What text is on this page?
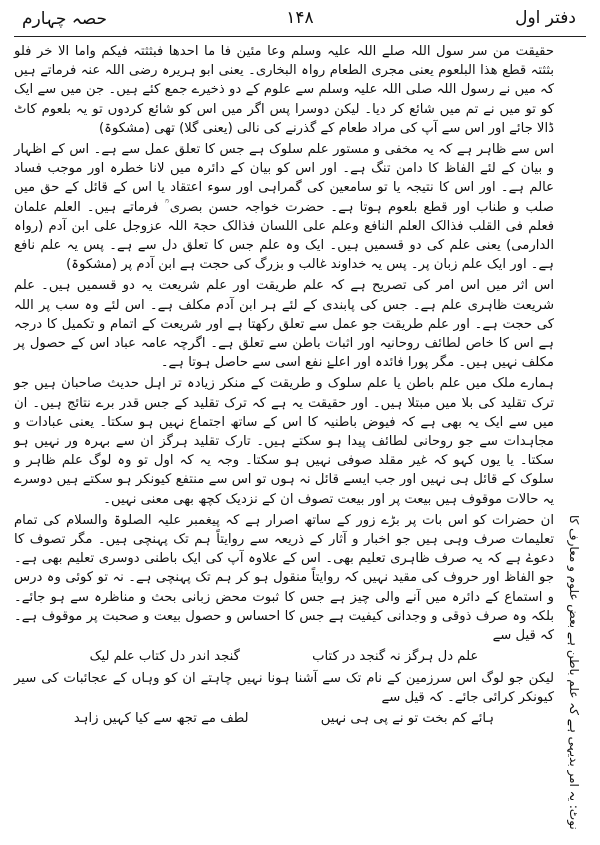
حصہ چہارم	۱۴۸	دفتر اول

حقیقت من سر سول اللہ صلے اللہ علیہ وسلم وعا مئین فا ما احدھا فبثثتہ فیکم واما الا خر فلو بثثتہ قطع ھذا البلعوم یعنی مجری الطعام رواہ البخاری۔ یعنی ابو ہریرہ رضی اللہ عنہ فرماتے ہیں کہ میں نے رسول اللہ صلی اللہ علیہ وسلم سے علوم کے دو ذخیرے جمع کئے ہیں۔ جن میں سے ایک کو تو میں نے تم میں شائع کر دیا۔ لیکن دوسرا پس اگر میں اس کو شائع کردوں تو یہ بلعوم کاٹ ڈالا جائے اور اس سے آپ کی مراد طعام کے گذرنے کی نالی (یعنی گلا) تھی (مشکوۃ)

اس سے ظاہر ہے کہ یہ مخفی و مستور علم سلوک ہے جس کا تعلق عمل سے ہے۔ اس کے اظہار و بیان کے لئے الفاظ کا دامن تنگ ہے۔ اور اس کو بیان کے دائرہ میں لانا خطرہ اور موجب فساد عالم ہے۔ اور اس کا نتیجہ یا تو سامعین کی گمراہی اور سوء اعتقاد یا اس کے قائل کے حق میں صلب و طناب اور قطع بلعوم ہوتا ہے۔ حضرت خواجہ حسن بصری ؒ فرماتے ہیں۔ العلم علمان فعلم فی القلب فذالک العلم النافع وعلم علی اللسان فذالک حجۃ اللہ عزوجل علی ابن آدم (رواہ الدارمی) یعنی علم کی دو قسمیں ہیں۔ ایک وہ علم جس کا تعلق دل سے ہے۔ پس یہ علم نافع ہے۔ اور ایک علم زبان پر۔ پس یہ خداوند غالب و بزرگ کی حجت ہے ابن آدم پر (مشکوۃ)

اس اثر میں اس امر کی تصریح ہے کہ علم طریقت اور علم شریعت یہ دو قسمیں ہیں۔ علم شریعت ظاہری علم ہے۔ جس کی پابندی کے لئے ہر ابن آدم مکلف ہے۔ اس لئے وہ سب پر اللہ کی حجت ہے۔ اور علم طریقت جو عمل سے تعلق رکھتا ہے اور شریعت کے اتمام و تکمیل کا درجہ ہے اس کا خاص لطائف روحانیہ اور اثبات باطن سے تعلق ہے۔ اگرچہ عامہ عباد اس کے حصول پر مکلف نہیں ہیں۔ مگر پورا فائدہ اور اعلےٰ نفع اسی سے حاصل ہوتا ہے۔

ہمارے ملک میں علم باطن یا علم سلوک و طریقت کے منکر زیادہ تر اہل حدیث صاحبان ہیں جو ترک تقلید کی بلا میں مبتلا ہیں۔ اور حقیقت یہ ہے کہ ترک تقلید کے جس قدر برے نتائج ہیں۔ ان میں سے ایک یہ بھی ہے کہ فیوض باطنیہ کا اس کے ساتھ اجتماع نہیں ہو سکتا۔ یعنی عبادات و مجاہدات سے جو روحانی لطائف پیدا ہو سکتے ہیں۔ تارک تقلید ہرگز ان سے بہرہ ور نہیں ہو سکتا۔ یا یوں کہو کہ غیر مقلد صوفی نہیں ہو سکتا۔ وجہ یہ کہ اول تو وہ لوگ علم ظاہر و سلوک کے قائل ہی نہیں اور جب ایسے قائل نہ ہوں تو اس سے منتفع کیونکر ہو سکتے ہیں دوسرے یہ حالات موقوف ہیں بیعت پر اور بیعت تصوف ان کے نزدیک کچھ بھی معنی نہیں۔

ان حضرات کو اس بات پر بڑے زور کے ساتھ اصرار ہے کہ پیغمبر علیہ الصلوۃ والسلام کی تمام تعلیمات صرف وہی ہیں جو اخبار و آثار کے ذریعہ سے روایتاً ہم تک پہنچی ہیں۔ مگر تصوف کا دعوےٰ ہے کہ یہ صرف ظاہری تعلیم بھی۔ اس کے علاوہ آپ کی ایک باطنی دوسری تعلیم بھی ہے۔ جو الفاظ اور حروف کی مقید نہیں کہ روایتاً منقول ہو کر ہم تک پہنچی ہے۔ نہ تو کوئی وہ درس و استماع کے دائرہ میں آنے والی چیز ہے جس کا ثبوت محض زبانی بحث و مناظرہ سے ہو جائے۔ بلکہ وہ صرف ذوقی و وجدانی کیفیت ہے جس کا احساس و حصول بیعت و صحبت پر موقوف ہے۔ کہ قیل سے

علم دل ہرگز نہ گنجد در کتاب گنجد اندر دل کتاب علم لیک

لیکن جو لوگ اس سرزمین کے نام تک سے آشنا ہونا نہیں چاہتے ان کو وہاں کے عجائبات کی سیر کیونکر کرائی جائے۔ کہ قیل سے

ہائے کم بخت تو نے پی ہی نہیں لطف مے تجھ سے کیا کہیں زاہد	نوٹ: یہ امر بدیہی ہے کہ علم باطن ہے بعض علوم و معارف کا
